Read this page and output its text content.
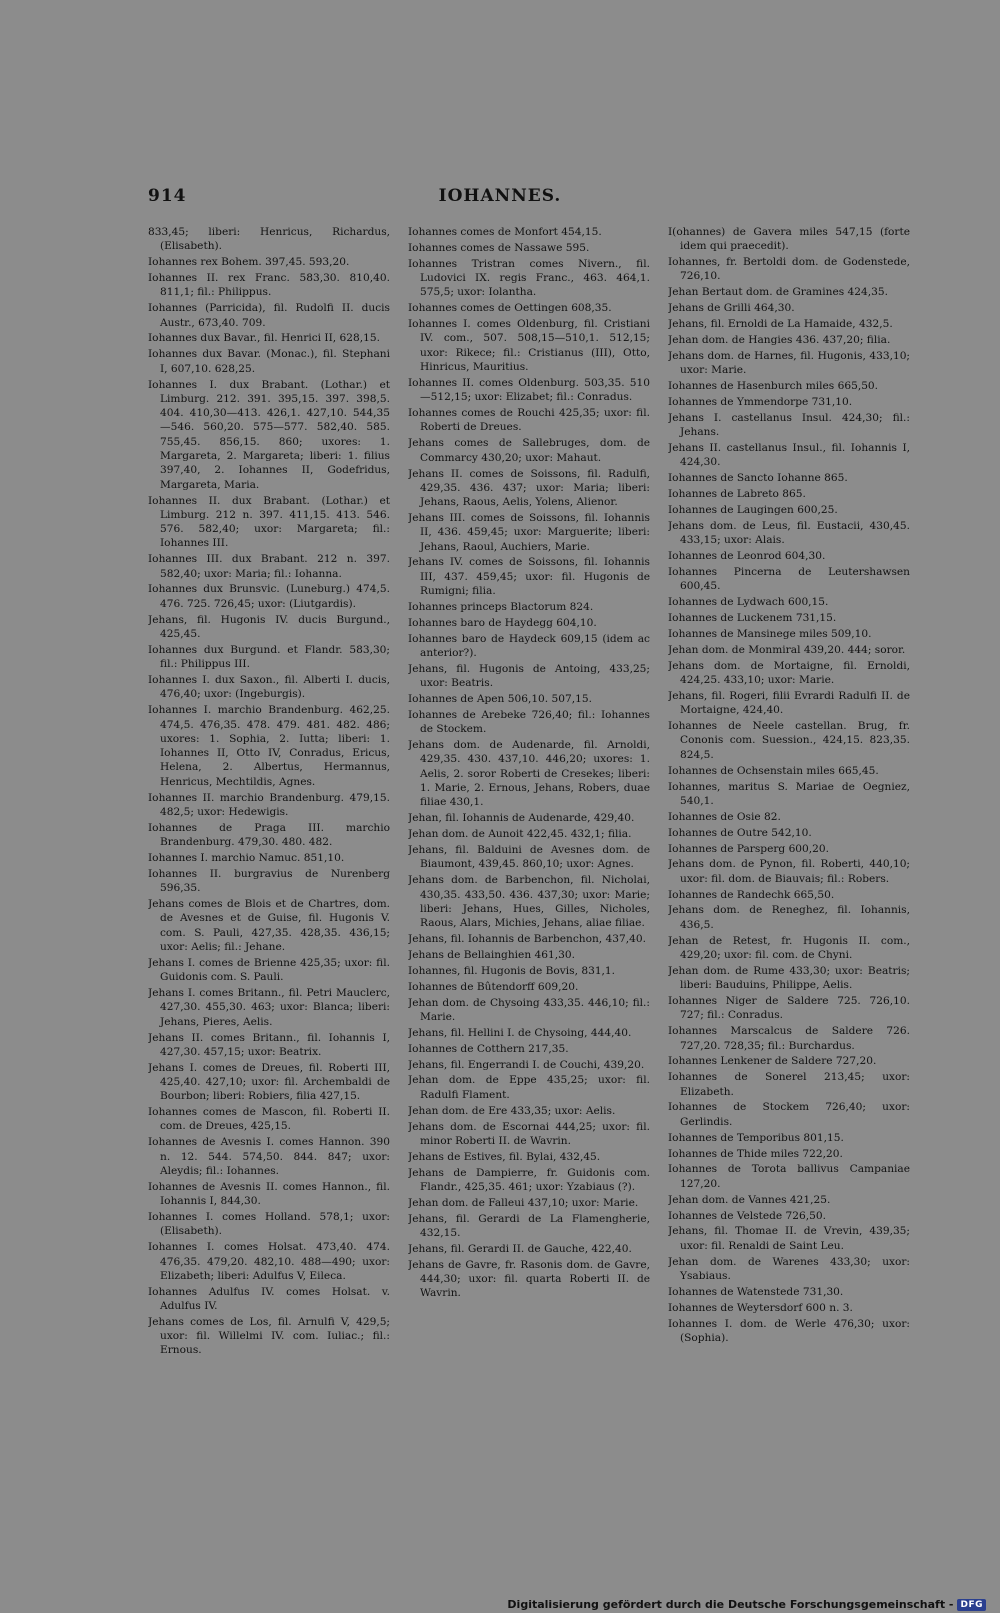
914	IOHANNES.

833,45; liberi: Henricus, Richardus, (Elisabeth).

Iohannes rex Bohem. 397,45. 593,20.

Iohannes II. rex Franc. 583,30. 810,40. 811,1; fil.: Philippus.

Iohannes (Parricida), fil. Rudolfi II. ducis Austr., 673,40. 709.

Iohannes dux Bavar., fil. Henrici II, 628,15.

Iohannes dux Bavar. (Monac.), fil. Stephani I, 607,10. 628,25.

Iohannes I. dux Brabant. (Lothar.) et Limburg. 212. 391. 395,15. 397. 398,5. 404. 410,30—413. 426,1. 427,10. 544,35—546. 560,20. 575—577. 582,40. 585. 755,45. 856,15. 860; uxores: 1. Margareta, 2. Margareta; liberi: 1. filius 397,40, 2. Iohannes II, Godefridus, Margareta, Maria.

Iohannes II. dux Brabant. (Lothar.) et Limburg. 212 n. 397. 411,15. 413. 546. 576. 582,40; uxor: Margareta; fil.: Iohannes III.

Iohannes III. dux Brabant. 212 n. 397. 582,40; uxor: Maria; fil.: Iohanna.

Iohannes dux Brunsvic. (Luneburg.) 474,5. 476. 725. 726,45; uxor: (Liutgardis).

Jehans, fil. Hugonis IV. ducis Burgund., 425,45.

Iohannes dux Burgund. et Flandr. 583,30; fil.: Philippus III.

Iohannes I. dux Saxon., fil. Alberti I. ducis, 476,40; uxor: (Ingeburgis).

Iohannes I. marchio Brandenburg. 462,25. 474,5. 476,35. 478. 479. 481. 482. 486; uxores: 1. Sophia, 2. Iutta; liberi: 1. Iohannes II, Otto IV, Conradus, Ericus, Helena, 2. Albertus, Hermannus, Henricus, Mechtildis, Agnes.

Iohannes II. marchio Brandenburg. 479,15. 482,5; uxor: Hedewigis.

Iohannes de Praga III. marchio Brandenburg. 479,30. 480. 482.

Iohannes I. marchio Namuc. 851,10.

Iohannes II. burgravius de Nurenberg 596,35.

Jehans comes de Blois et de Chartres, dom. de Avesnes et de Guise, fil. Hugonis V. com. S. Pauli, 427,35. 428,35. 436,15; uxor: Aelis; fil.: Jehane.

Jehans I. comes de Brienne 425,35; uxor: fil. Guidonis com. S. Pauli.

Jehans I. comes Britann., fil. Petri Mauclerc, 427,30. 455,30. 463; uxor: Blanca; liberi: Jehans, Pieres, Aelis.

Jehans II. comes Britann., fil. Iohannis I, 427,30. 457,15; uxor: Beatrix.

Jehans I. comes de Dreues, fil. Roberti III, 425,40. 427,10; uxor: fil. Archembaldi de Bourbon; liberi: Robiers, filia 427,15.

Iohannes comes de Mascon, fil. Roberti II. com. de Dreues, 425,15.

Iohannes de Avesnis I. comes Hannon. 390 n. 12. 544. 574,50. 844. 847; uxor: Aleydis; fil.: Iohannes.

Iohannes de Avesnis II. comes Hannon., fil. Iohannis I, 844,30.

Iohannes I. comes Holland. 578,1; uxor: (Elisabeth).

Iohannes I. comes Holsat. 473,40. 474. 476,35. 479,20. 482,10. 488—490; uxor: Elizabeth; liberi: Adulfus V, Eileca.

Iohannes Adulfus IV. comes Holsat. v. Adulfus IV.

Jehans comes de Los, fil. Arnulfi V, 429,5; uxor: fil. Willelmi IV. com. Iuliac.; fil.: Ernous.

Iohannes comes de Monfort 454,15.

Iohannes comes de Nassawe 595.

Iohannes Tristran comes Nivern., fil. Ludovici IX. regis Franc., 463. 464,1. 575,5; uxor: Iolantha.

Iohannes comes de Oettingen 608,35.

Iohannes I. comes Oldenburg, fil. Cristiani IV. com., 507. 508,15—510,1. 512,15; uxor: Rikece; fil.: Cristianus (III), Otto, Hinricus, Mauritius.

Iohannes II. comes Oldenburg. 503,35. 510—512,15; uxor: Elizabet; fil.: Conradus.

Iohannes comes de Rouchi 425,35; uxor: fil. Roberti de Dreues.

Jehans comes de Sallebruges, dom. de Commarcy 430,20; uxor: Mahaut.

Jehans II. comes de Soissons, fil. Radulfi, 429,35. 436. 437; uxor: Maria; liberi: Jehans, Raous, Aelis, Yolens, Alienor.

Jehans III. comes de Soissons, fil. Iohannis II, 436. 459,45; uxor: Marguerite; liberi: Jehans, Raoul, Auchiers, Marie.

Jehans IV. comes de Soissons, fil. Iohannis III, 437. 459,45; uxor: fil. Hugonis de Rumigni; filia.

Iohannes princeps Blactorum 824.

Iohannes baro de Haydegg 604,10.

Iohannes baro de Haydeck 609,15 (idem ac anterior?).

Jehans, fil. Hugonis de Antoing, 433,25; uxor: Beatris.

Iohannes de Apen 506,10. 507,15.

Iohannes de Arebeke 726,40; fil.: Iohannes de Stockem.

Jehans dom. de Audenarde, fil. Arnoldi, 429,35. 430. 437,10. 446,20; uxores: 1. Aelis, 2. soror Roberti de Cresekes; liberi: 1. Marie, 2. Ernous, Jehans, Robers, duae filiae 430,1.

Jehan, fil. Iohannis de Audenarde, 429,40.

Jehan dom. de Aunoit 422,45. 432,1; filia.

Jehans, fil. Balduini de Avesnes dom. de Biaumont, 439,45. 860,10; uxor: Agnes.

Jehans dom. de Barbenchon, fil. Nicholai, 430,35. 433,50. 436. 437,30; uxor: Marie; liberi: Jehans, Hues, Gilles, Nicholes, Raous, Alars, Michies, Jehans, aliae filiae.

Jehans, fil. Iohannis de Barbenchon, 437,40.

Jehans de Bellainghien 461,30.

Iohannes, fil. Hugonis de Bovis, 831,1.

Iohannes de Bûtendorff 609,20.

Jehan dom. de Chysoing 433,35. 446,10; fil.: Marie.

Jehans, fil. Hellini I. de Chysoing, 444,40.

Iohannes de Cotthern 217,35.

Jehans, fil. Engerrandi I. de Couchi, 439,20.

Jehan dom. de Eppe 435,25; uxor: fil. Radulfi Flament.

Jehan dom. de Ere 433,35; uxor: Aelis.

Jehans dom. de Escornai 444,25; uxor: fil. minor Roberti II. de Wavrin.

Jehans de Estives, fil. Bylai, 432,45.

Jehans de Dampierre, fr. Guidonis com. Flandr., 425,35. 461; uxor: Yzabiaus (?).

Jehan dom. de Falleui 437,10; uxor: Marie.

Jehans, fil. Gerardi de La Flamengherie, 432,15.

Jehans, fil. Gerardi II. de Gauche, 422,40.

Jehans de Gavre, fr. Rasonis dom. de Gavre, 444,30; uxor: fil. quarta Roberti II. de Wavrin.

I(ohannes) de Gavera miles 547,15 (forte idem qui praecedit).

Iohannes, fr. Bertoldi dom. de Godenstede, 726,10.

Jehan Bertaut dom. de Gramines 424,35.

Jehans de Grilli 464,30.

Jehans, fil. Ernoldi de La Hamaide, 432,5.

Jehan dom. de Hangies 436. 437,20; filia.

Jehans dom. de Harnes, fil. Hugonis, 433,10; uxor: Marie.

Iohannes de Hasenburch miles 665,50.

Iohannes de Ymmendorpe 731,10.

Jehans I. castellanus Insul. 424,30; fil.: Jehans.

Jehans II. castellanus Insul., fil. Iohannis I, 424,30.

Iohannes de Sancto Iohanne 865.

Iohannes de Labreto 865.

Iohannes de Laugingen 600,25.

Jehans dom. de Leus, fil. Eustacii, 430,45. 433,15; uxor: Alais.

Iohannes de Leonrod 604,30.

Iohannes Pincerna de Leutershawsen 600,45.

Iohannes de Lydwach 600,15.

Iohannes de Luckenem 731,15.

Iohannes de Mansinege miles 509,10.

Jehan dom. de Monmiral 439,20. 444; soror.

Jehans dom. de Mortaigne, fil. Ernoldi, 424,25. 433,10; uxor: Marie.

Jehans, fil. Rogeri, filii Evrardi Radulfi II. de Mortaigne, 424,40.

Iohannes de Neele castellan. Brug, fr. Cononis com. Suession., 424,15. 823,35. 824,5.

Iohannes de Ochsenstain miles 665,45.

Iohannes, maritus S. Mariae de Oegniez, 540,1.

Iohannes de Osie 82.

Iohannes de Outre 542,10.

Iohannes de Parsperg 600,20.

Jehans dom. de Pynon, fil. Roberti, 440,10; uxor: fil. dom. de Biauvais; fil.: Robers.

Iohannes de Randechk 665,50.

Jehans dom. de Reneghez, fil. Iohannis, 436,5.

Jehan de Retest, fr. Hugonis II. com., 429,20; uxor: fil. com. de Chyni.

Jehan dom. de Rume 433,30; uxor: Beatris; liberi: Bauduins, Philippe, Aelis.

Iohannes Niger de Saldere 725. 726,10. 727; fil.: Conradus.

Iohannes Marscalcus de Saldere 726. 727,20. 728,35; fil.: Burchardus.

Iohannes Lenkener de Saldere 727,20.

Iohannes de Sonerel 213,45; uxor: Elizabeth.

Iohannes de Stockem 726,40; uxor: Gerlindis.

Iohannes de Temporibus 801,15.

Iohannes de Thide miles 722,20.

Iohannes de Torota ballivus Campaniae 127,20.

Jehan dom. de Vannes 421,25.

Iohannes de Velstede 726,50.

Jehans, fil. Thomae II. de Vrevin, 439,35; uxor: fil. Renaldi de Saint Leu.

Jehan dom. de Warenes 433,30; uxor: Ysabiaus.

Iohannes de Watenstede 731,30.

Iohannes de Weytersdorf 600 n. 3.

Iohannes I. dom. de Werle 476,30; uxor: (Sophia).

Digitalisierung gefördert durch die Deutsche Forschungsgemeinschaft - DFG
